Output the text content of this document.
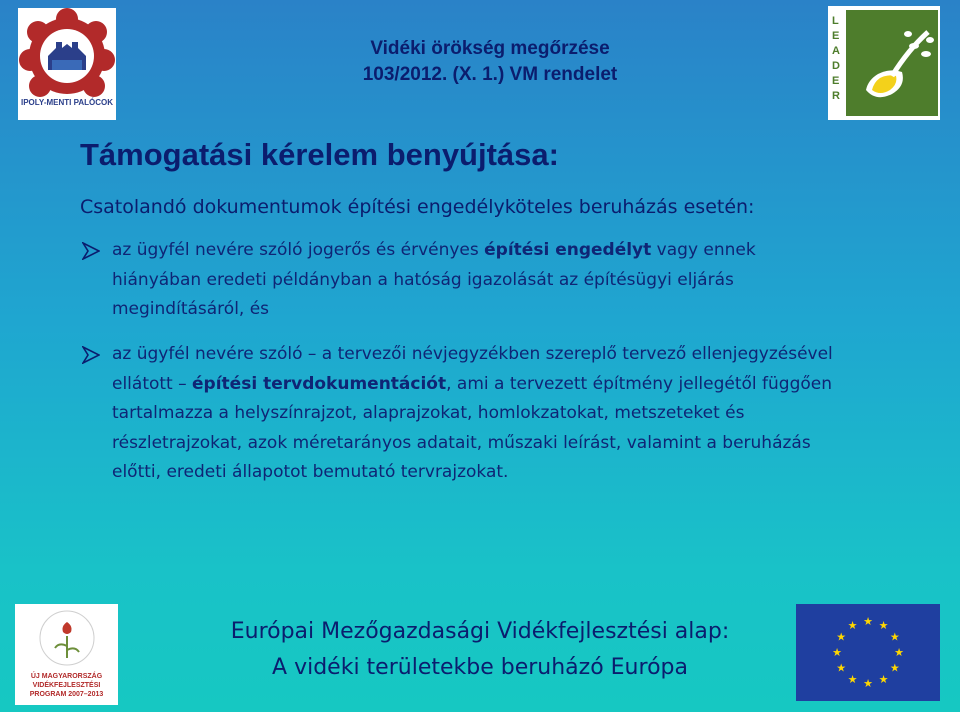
IPOLY-MENTI PALÓCOK
LEADER
Vidéki örökség megőrzése
103/2012. (X. 1.) VM rendelet
Támogatási kérelem benyújtása:

Csatolandó dokumentumok építési engedélyköteles beruházás esetén:

az ügyfél nevére szóló jogerős és érvényes építési engedélyt vagy ennek hiányában eredeti példányban a hatóság igazolását az építésügyi eljárás megindításáról, és
az ügyfél nevére szóló – a tervezői névjegyzékben szereplő tervező ellenjegyzésével ellátott – építési tervdokumentációt, ami a tervezett építmény jellegétől függően tartalmazza a helyszínrajzot, alaprajzokat, homlokzatokat, metszeteket és részletrajzokat, azok méretarányos adatait, műszaki leírást, valamint a beruházás előtti, eredeti állapotot bemutató tervrajzokat.
ÚJ MAGYARORSZÁG VIDÉKFEJLESZTÉSI PROGRAM 2007–2013
Európai Mezőgazdasági Vidékfejlesztési alap:
A vidéki területekbe beruházó Európa
★ ★
★
★
★
★
★
★
★
★
★
★
